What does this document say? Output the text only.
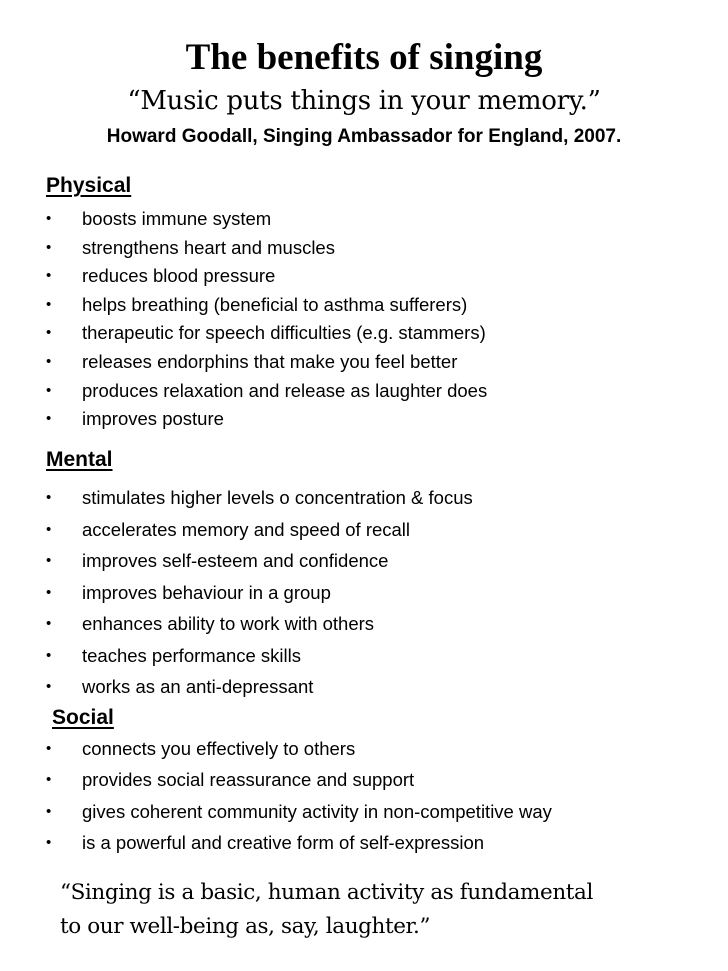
The benefits of singing
“Music puts things in your memory.”
Howard Goodall, Singing Ambassador for England, 2007.
Physical
• boosts immune system
• strengthens heart and muscles
• reduces blood pressure
• helps breathing (beneficial to asthma sufferers)
• therapeutic for speech difficulties (e.g. stammers)
• releases endorphins that make you feel better
• produces relaxation and release as laughter does
• improves posture
Mental
• stimulates higher levels o concentration & focus
• accelerates memory and speed of recall
• improves self-esteem and confidence
• improves behaviour in a group
• enhances ability to work with others
• teaches performance skills
• works as an anti-depressant
Social
• connects you effectively to others
• provides social reassurance and support
• gives coherent community activity in non-competitive way
• is a powerful and creative form of self-expression
“Singing is a basic, human activity as fundamental
to our well-being as, say, laughter.”
